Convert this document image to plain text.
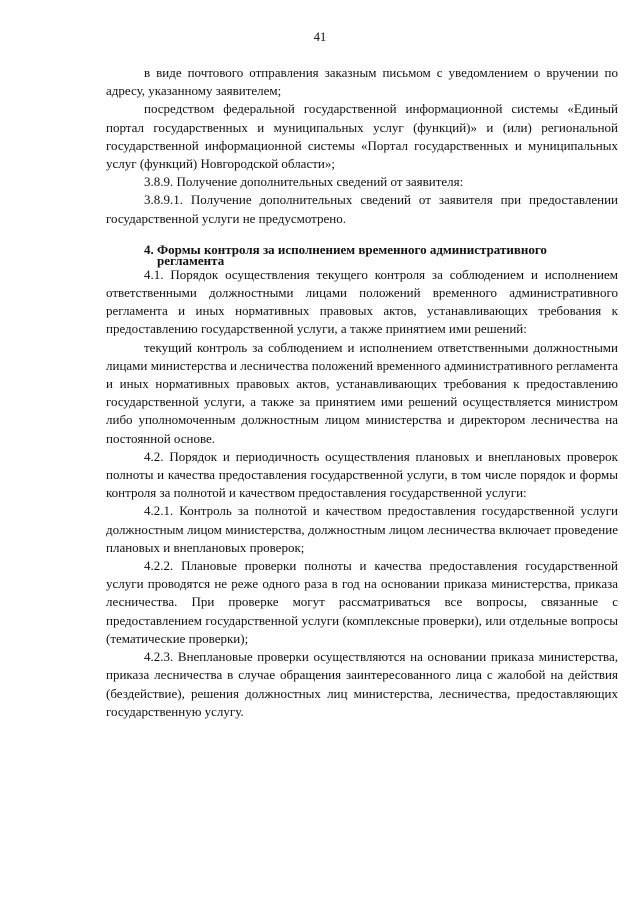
41

в виде почтового отправления заказным письмом с уведомлением о вручении по адресу, указанному заявителем;

посредством федеральной государственной информационной системы «Единый портал государственных и муниципальных услуг (функций)» и (или) региональной государственной информационной системы «Портал государственных и муниципальных услуг (функций) Новгородской области»;

3.8.9. Получение дополнительных сведений от заявителя:

3.8.9.1. Получение дополнительных сведений от заявителя при предоставлении государственной услуги не предусмотрено.

4. Формы контроля за исполнением временного административного
регламента

4.1. Порядок осуществления текущего контроля за соблюдением и исполнением ответственными должностными лицами положений временного административного регламента и иных нормативных правовых актов, устанавливающих требования к предоставлению государственной услуги, а также принятием ими решений:

текущий контроль за соблюдением и исполнением ответственными должностными лицами министерства и лесничества положений временного административного регламента и иных нормативных правовых актов, устанавливающих требования к предоставлению государственной услуги, а также за принятием ими решений осуществляется министром либо уполномоченным должностным лицом министерства и директором лесничества на постоянной основе.

4.2. Порядок и периодичность осуществления плановых и внеплановых проверок полноты и качества предоставления государственной услуги, в том числе порядок и формы контроля за полнотой и качеством предоставления государственной услуги:

4.2.1. Контроль за полнотой и качеством предоставления государственной услуги должностным лицом министерства, должностным лицом лесничества включает проведение плановых и внеплановых проверок;

4.2.2. Плановые проверки полноты и качества предоставления государственной услуги проводятся не реже одного раза в год на основании приказа министерства, приказа лесничества. При проверке могут рассматриваться все вопросы, связанные с предоставлением государственной услуги (комплексные проверки), или отдельные вопросы (тематические проверки);

4.2.3. Внеплановые проверки осуществляются на основании приказа министерства, приказа лесничества в случае обращения заинтересованного лица с жалобой на действия (бездействие), решения должностных лиц министерства, лесничества, предоставляющих государственную услугу.
